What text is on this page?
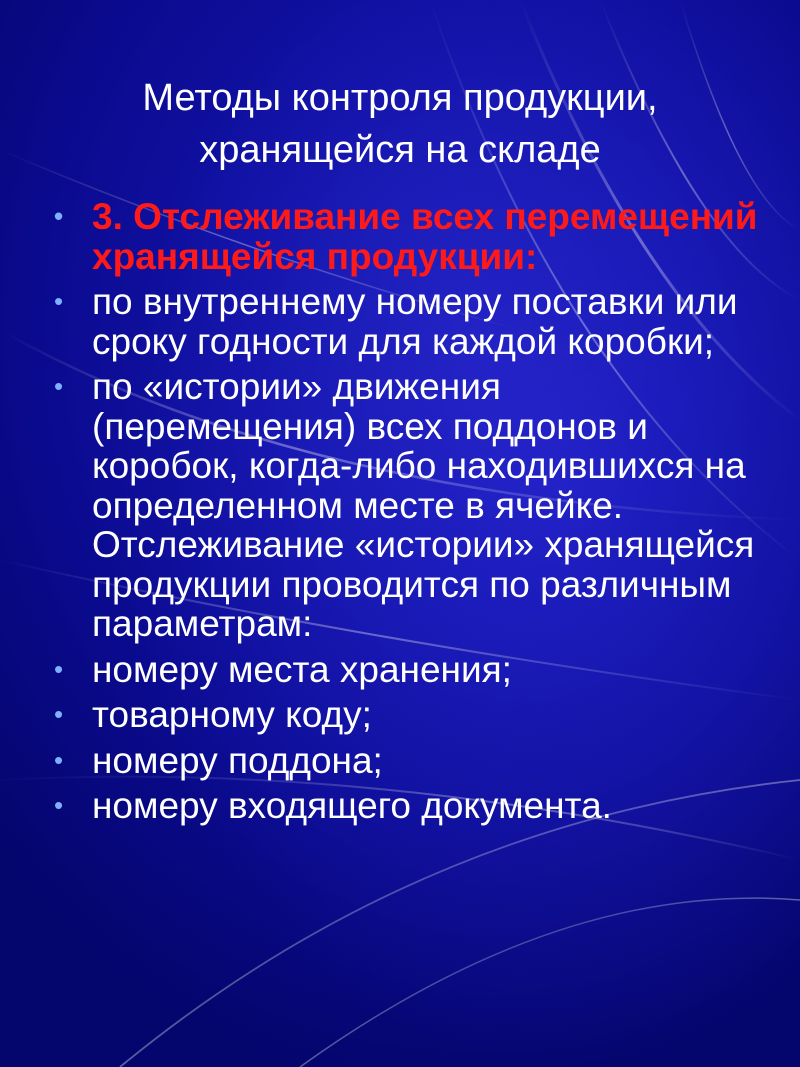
Методы контроля продукции, хранящейся на складе
• 3. Отслеживание всех перемещений хранящейся продукции:
• по внутреннему номеру поставки или сроку годности для каждой коробки;
• по «истории» движения (перемещения) всех поддонов и коробок, когда-либо находившихся на определенном месте в ячейке. Отслеживание «истории» хранящейся продукции проводится по различным параметрам:
• номеру места хранения;
• товарному коду;
• номеру поддона;
• номеру входящего документа.
